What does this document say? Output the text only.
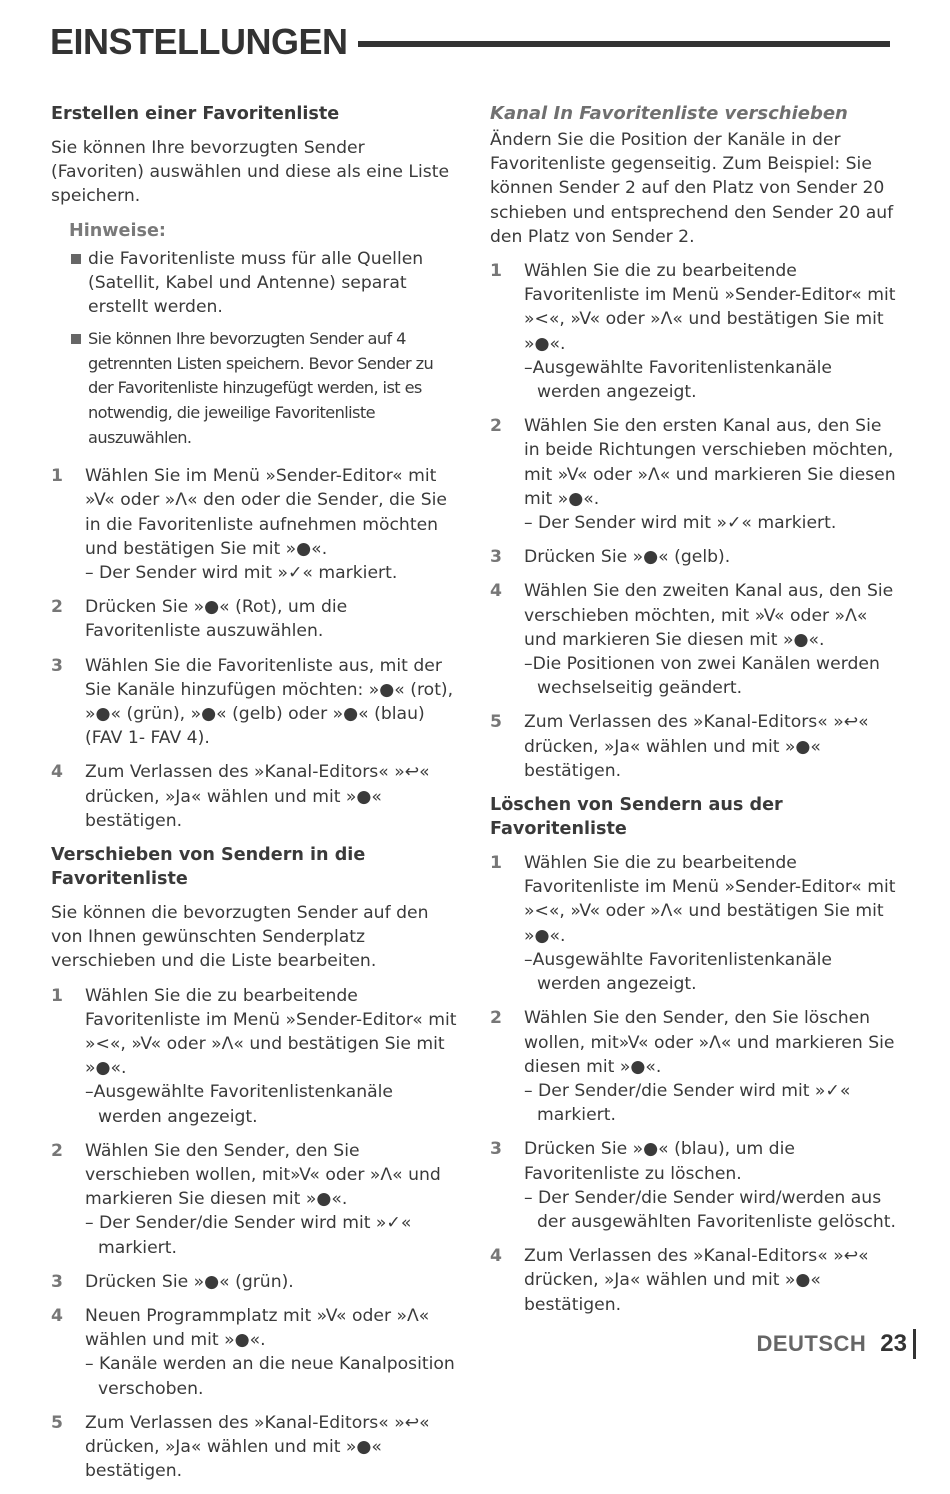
EINSTELLUNGEN
Erstellen einer Favoritenliste

Sie können Ihre bevorzugten Sender (Favoriten) auswählen und diese als eine Liste speichern.

Hinweise:
die Favoritenliste muss für alle Quellen (Satellit, Kabel und Antenne) separat erstellt werden.
Sie können Ihre bevorzugten Sender auf 4 getrennten Listen speichern. Bevor Sender zu der Favoritenliste hinzugefügt werden, ist es notwendig, die jeweilige Favoritenliste auszuwählen.
1 Wählen Sie im Menü »Sender-Editor« mit »V« oder »Λ« den oder die Sender, die Sie in die Favoritenliste aufnehmen möchten und bestätigen Sie mit »●«.
– Der Sender wird mit »✓« markiert.
2 Drücken Sie »●« (Rot), um die Favoritenliste auszuwählen.
3 Wählen Sie die Favoritenliste aus, mit der Sie Kanäle hinzufügen möchten: »●« (rot), »●« (grün), »●« (gelb) oder »●« (blau) (FAV 1- FAV 4).
4 Zum Verlassen des »Kanal-Editors« »↩« drücken, »Ja« wählen und mit »●« bestätigen.
Verschieben von Sendern in die Favoritenliste

Sie können die bevorzugten Sender auf den von Ihnen gewünschten Senderplatz verschieben und die Liste bearbeiten.

1 Wählen Sie die zu bearbeitende Favoritenliste im Menü »Sender-Editor« mit »<«, »V« oder »Λ« und bestätigen Sie mit »●«.
–Ausgewählte Favoritenlistenkanäle werden angezeigt.
2 Wählen Sie den Sender, den Sie verschieben wollen, mit»V« oder »Λ« und markieren Sie diesen mit »●«.
– Der Sender/die Sender wird mit »✓« markiert.
3 Drücken Sie »●« (grün).
4 Neuen Programmplatz mit »V« oder »Λ« wählen und mit »●«.
– Kanäle werden an die neue Kanalposition verschoben.
5 Zum Verlassen des »Kanal-Editors« »↩« drücken, »Ja« wählen und mit »●« bestätigen.
Kanal In Favoritenliste verschieben

Ändern Sie die Position der Kanäle in der Favoritenliste gegenseitig. Zum Beispiel: Sie können Sender 2 auf den Platz von Sender 20 schieben und entsprechend den Sender 20 auf den Platz von Sender 2.

1 Wählen Sie die zu bearbeitende Favoritenliste im Menü »Sender-Editor« mit »<«, »V« oder »Λ« und bestätigen Sie mit »●«.
–Ausgewählte Favoritenlistenkanäle werden angezeigt.
2 Wählen Sie den ersten Kanal aus, den Sie in beide Richtungen verschieben möchten, mit »V« oder »Λ« und markieren Sie diesen mit »●«.
– Der Sender wird mit »✓« markiert.
3 Drücken Sie »●« (gelb).
4 Wählen Sie den zweiten Kanal aus, den Sie verschieben möchten, mit »V« oder »Λ« und markieren Sie diesen mit »●«.
–Die Positionen von zwei Kanälen werden wechselseitig geändert.
5 Zum Verlassen des »Kanal-Editors« »↩« drücken, »Ja« wählen und mit »●« bestätigen.
Löschen von Sendern aus der Favoritenliste
1 Wählen Sie die zu bearbeitende Favoritenliste im Menü »Sender-Editor« mit »<«, »V« oder »Λ« und bestätigen Sie mit »●«.
–Ausgewählte Favoritenlistenkanäle werden angezeigt.
2 Wählen Sie den Sender, den Sie löschen wollen, mit»V« oder »Λ« und markieren Sie diesen mit »●«.
– Der Sender/die Sender wird mit »✓« markiert.
3 Drücken Sie »●« (blau), um die Favoritenliste zu löschen.
– Der Sender/die Sender wird/werden aus der ausgewählten Favoritenliste gelöscht.
4 Zum Verlassen des »Kanal-Editors« »↩« drücken, »Ja« wählen und mit »●« bestätigen.
DEUTSCH 23
